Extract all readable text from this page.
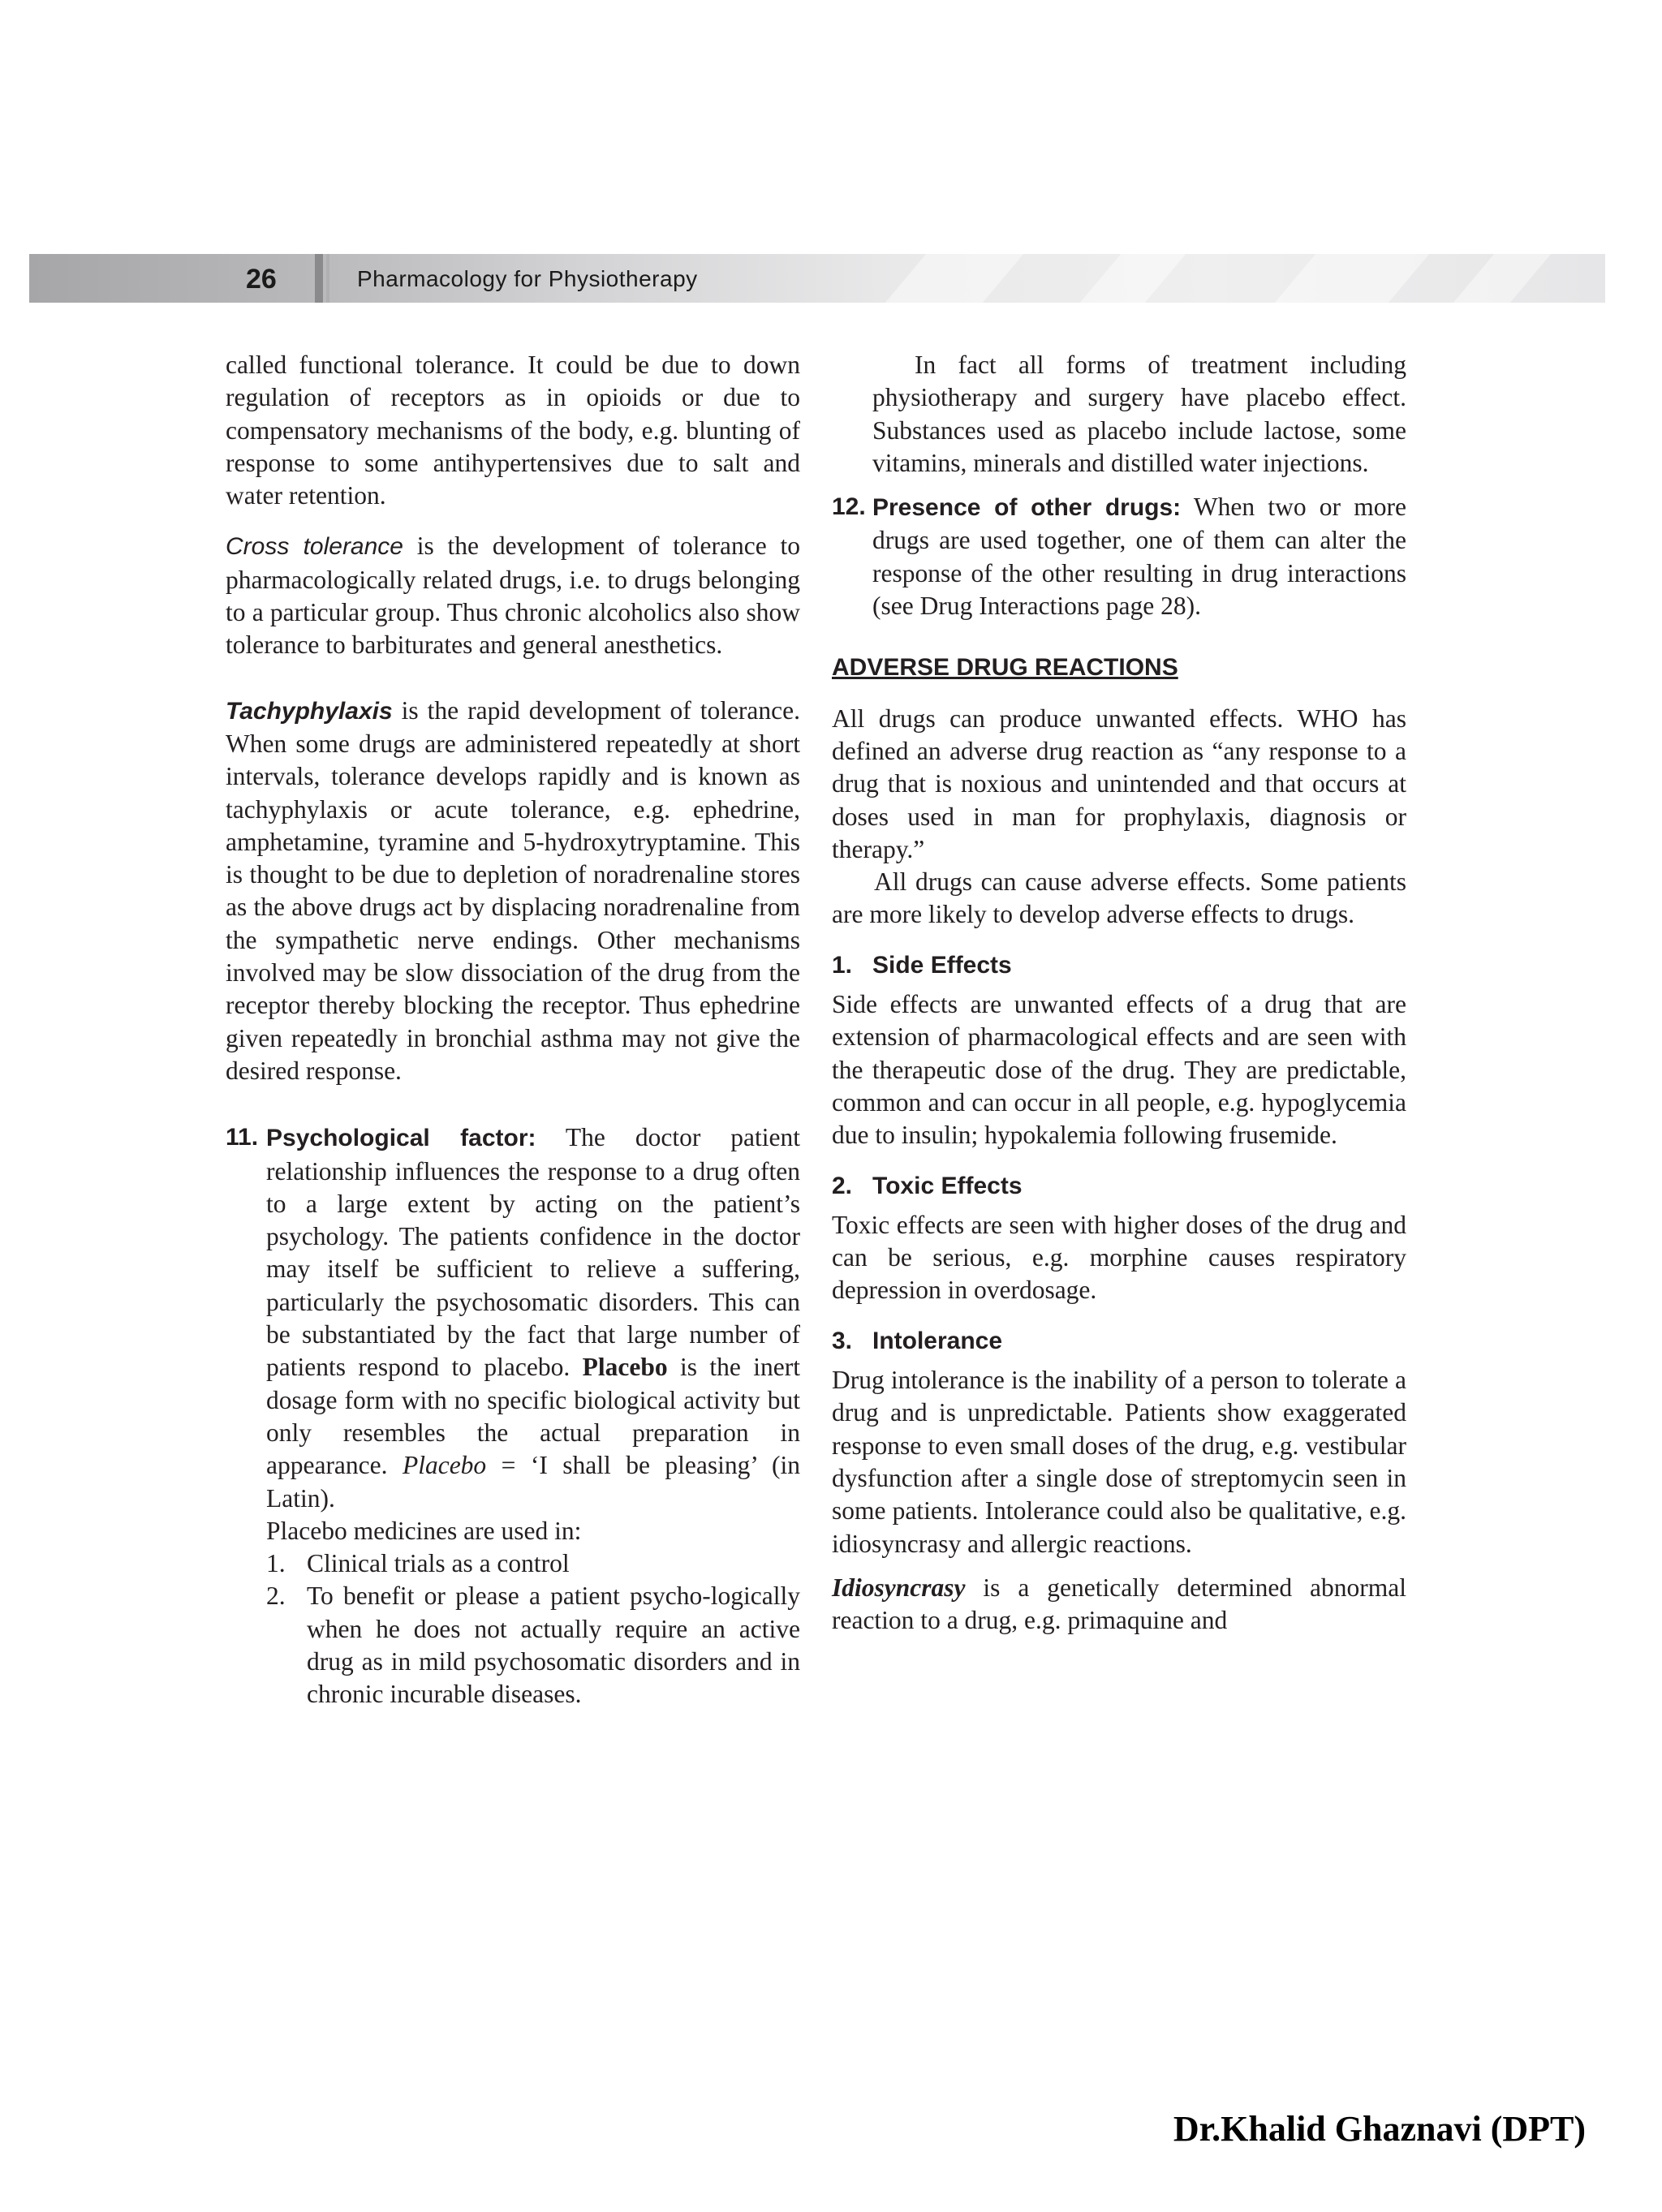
26	Pharmacology for Physiotherapy

called functional tolerance. It could be due to down regulation of receptors as in opioids or due to compensatory mechanisms of the body, e.g. blunting of response to some antihypertensives due to salt and water retention.

Cross tolerance is the development of tolerance to pharmacologically related drugs, i.e. to drugs belonging to a particular group. Thus chronic alcoholics also show tolerance to barbiturates and general anesthetics.

Tachyphylaxis is the rapid development of tolerance. When some drugs are administered repeatedly at short intervals, tolerance develops rapidly and is known as tachyphylaxis or acute tolerance, e.g. ephedrine, amphetamine, tyramine and 5-hydroxytryptamine. This is thought to be due to depletion of noradrenaline stores as the above drugs act by displacing noradrenaline from the sympathetic nerve endings. Other mechanisms involved may be slow dissociation of the drug from the receptor thereby blocking the receptor. Thus ephedrine given repeatedly in bronchial asthma may not give the desired response.

11. Psychological factor: The doctor patient relationship influences the response to a drug often to a large extent by acting on the patient’s psychology. The patients confidence in the doctor may itself be sufficient to relieve a suffering, particularly the psychosomatic disorders. This can be substantiated by the fact that large number of patients respond to placebo. Placebo is the inert dosage form with no specific biological activity but only resembles the actual preparation in appearance. Placebo = ‘I shall be pleasing’ (in Latin).

Placebo medicines are used in:

1. Clinical trials as a control
2. To benefit or please a patient psycho-logically when he does not actually require an active drug as in mild psychosomatic disorders and in chronic incurable diseases.

In fact all forms of treatment including physiotherapy and surgery have placebo effect. Substances used as placebo include lactose, some vitamins, minerals and distilled water injections.

12. Presence of other drugs: When two or more drugs are used together, one of them can alter the response of the other resulting in drug interactions (see Drug Interactions page 28).

ADVERSE DRUG REACTIONS

All drugs can produce unwanted effects. WHO has defined an adverse drug reaction as “any response to a drug that is noxious and unintended and that occurs at doses used in man for prophylaxis, diagnosis or therapy.”

All drugs can cause adverse effects. Some patients are more likely to develop adverse effects to drugs.

1. Side Effects

Side effects are unwanted effects of a drug that are extension of pharmacological effects and are seen with the therapeutic dose of the drug. They are predictable, common and can occur in all people, e.g. hypoglycemia due to insulin; hypokalemia following frusemide.

2. Toxic Effects

Toxic effects are seen with higher doses of the drug and can be serious, e.g. morphine causes respiratory depression in overdosage.

3. Intolerance

Drug intolerance is the inability of a person to tolerate a drug and is unpredictable. Patients show exaggerated response to even small doses of the drug, e.g. vestibular dysfunction after a single dose of streptomycin seen in some patients. Intolerance could also be qualitative, e.g. idiosyncrasy and allergic reactions.

Idiosyncrasy is a genetically determined abnormal reaction to a drug, e.g. primaquine and

Dr.Khalid Ghaznavi (DPT)
